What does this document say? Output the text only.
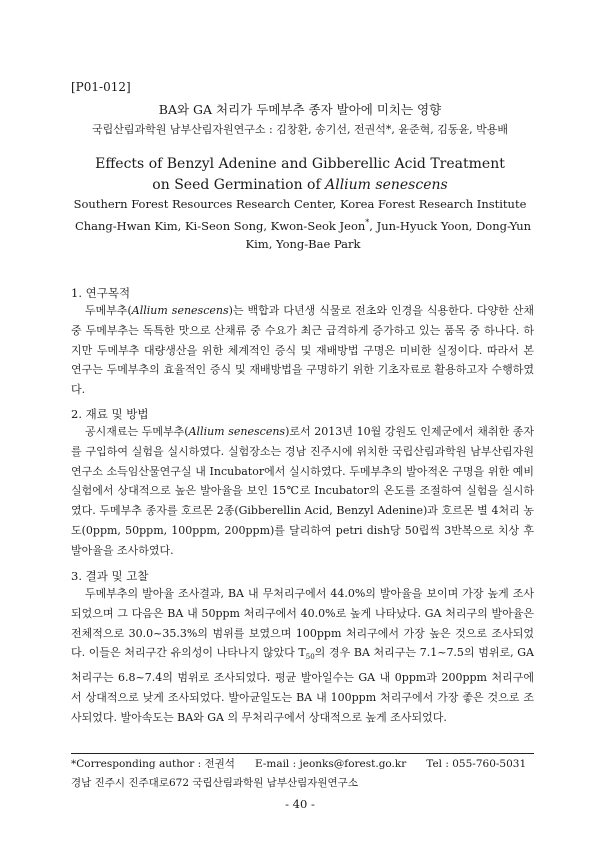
[P01-012]
BA와 GA 처리가 두메부추 종자 발아에 미치는 영향
국립산림과학원 남부산림자원연구소 : 김창환, 송기선, 전권석*, 윤준혁, 김동윤, 박용배
Effects of Benzyl Adenine and Gibberellic Acid Treatment
on Seed Germination of Allium senescens
Southern Forest Resources Research Center, Korea Forest Research Institute
Chang-Hwan Kim, Ki-Seon Song, Kwon-Seok Jeon*, Jun-Hyuck Yoon, Dong-Yun Kim, Yong-Bae Park
1. 연구목적

두메부추(Allium senescens)는 백합과 다년생 식물로 전초와 인경을 식용한다. 다양한 산채 중 두메부추는 독특한 맛으로 산채류 중 수요가 최근 급격하게 증가하고 있는 품목 중 하나다. 하지만 두메부추 대량생산을 위한 체계적인 증식 및 재배방법 구명은 미비한 실정이다. 따라서 본 연구는 두메부추의 효율적인 증식 및 재배방법을 구명하기 위한 기초자료로 활용하고자 수행하였다.

2. 재료 및 방법

공시재료는 두메부추(Allium senescens)로서 2013년 10월 강원도 인제군에서 채취한 종자를 구입하여 실험을 실시하였다. 실험장소는 경남 진주시에 위치한 국립산림과학원 남부산림자원연구소 소득임산물연구실 내 Incubator에서 실시하였다. 두메부추의 발아적온 구명을 위한 예비실험에서 상대적으로 높은 발아율을 보인 15℃로 Incubator의 온도를 조절하여 실험을 실시하였다. 두메부추 종자를 호르몬 2종(Gibberellin Acid, Benzyl Adenine)과 호르몬 별 4처리 농도(0ppm, 50ppm, 100ppm, 200ppm)를 달리하여 petri dish당 50립씩 3반복으로 치상 후 발아율을 조사하였다.

3. 결과 및 고찰

두메부추의 발아율 조사결과, BA 내 무처리구에서 44.0%의 발아율을 보이며 가장 높게 조사되었으며 그 다음은 BA 내 50ppm 처리구에서 40.0%로 높게 나타났다. GA 처리구의 발아율은 전체적으로 30.0~35.3%의 범위를 보였으며 100ppm 처리구에서 가장 높은 것으로 조사되었다. 이들은 처리구간 유의성이 나타나지 않았다 $T_{50}$의 경우 BA 처리구는 7.1~7.5의 범위로, GA 처리구는 6.8~7.4의 범위로 조사되었다. 평균 발아일수는 GA 내 0ppm과 200ppm 처리구에서 상대적으로 낮게 조사되었다. 발아균일도는 BA 내 100ppm 처리구에서 가장 좋은 것으로 조사되었다. 발아속도는 BA와 GA 의 무처리구에서 상대적으로 높게 조사되었다.

*Corresponding author : 전권석 E-mail : jeonks@forest.go.kr Tel : 055-760-5031
경남 진주시 진주대로672 국립산림과학원 남부산림자원연구소
- 40 -
